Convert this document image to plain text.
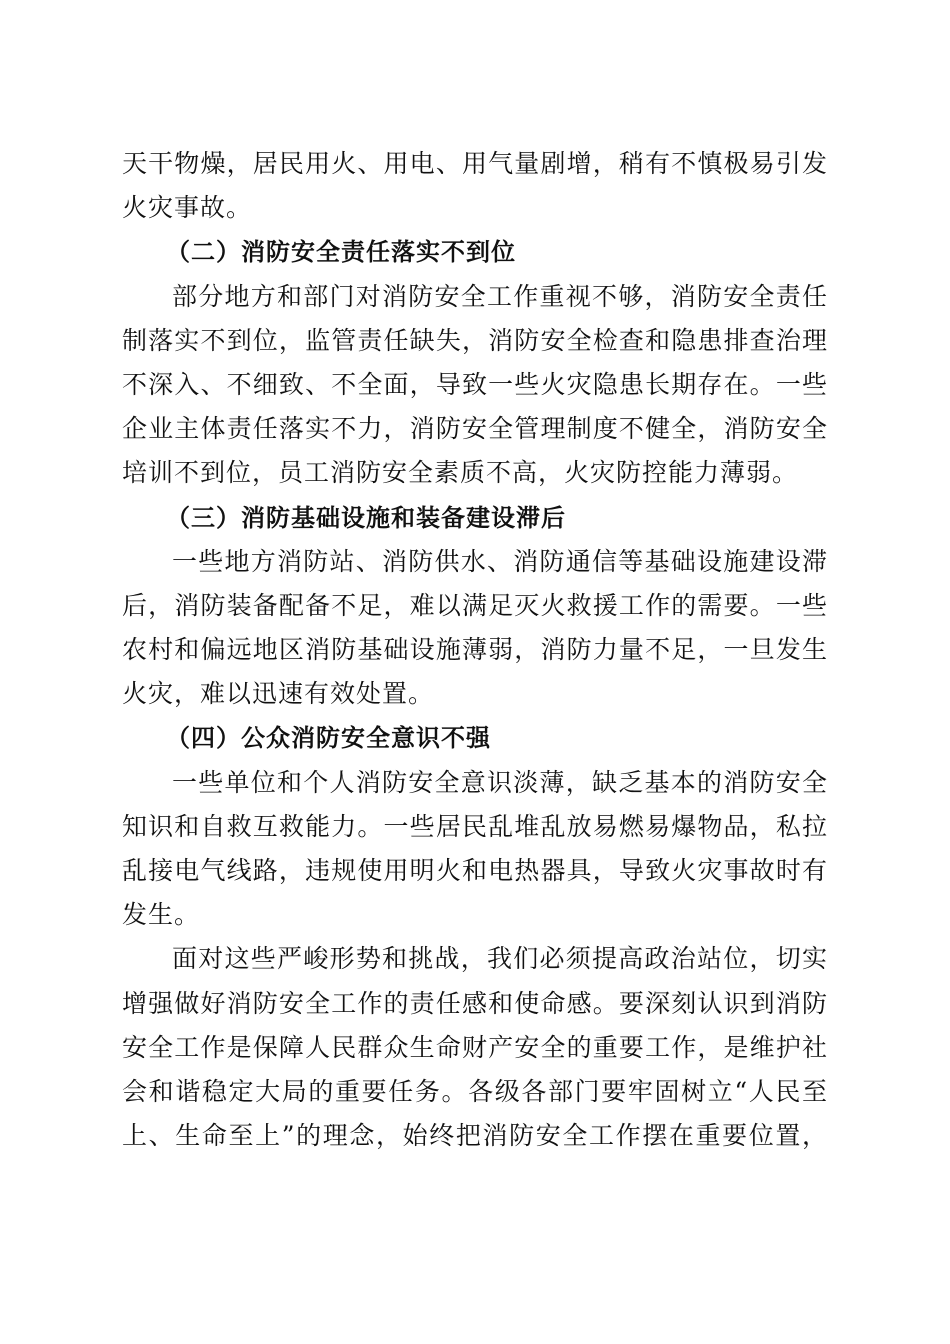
天干物燥，居民用火、用电、用气量剧增，稍有不慎极易引发
火灾事故。
（二）消防安全责任落实不到位
部分地方和部门对消防安全工作重视不够，消防安全责任
制落实不到位，监管责任缺失，消防安全检查和隐患排查治理
不深入、不细致、不全面，导致一些火灾隐患长期存在。一些
企业主体责任落实不力，消防安全管理制度不健全，消防安全
培训不到位，员工消防安全素质不高，火灾防控能力薄弱。
（三）消防基础设施和装备建设滞后
一些地方消防站、消防供水、消防通信等基础设施建设滞
后，消防装备配备不足，难以满足灭火救援工作的需要。一些
农村和偏远地区消防基础设施薄弱，消防力量不足，一旦发生
火灾，难以迅速有效处置。
（四）公众消防安全意识不强
一些单位和个人消防安全意识淡薄，缺乏基本的消防安全
知识和自救互救能力。一些居民乱堆乱放易燃易爆物品，私拉
乱接电气线路，违规使用明火和电热器具，导致火灾事故时有
发生。
面对这些严峻形势和挑战，我们必须提高政治站位，切实
增强做好消防安全工作的责任感和使命感。要深刻认识到消防
安全工作是保障人民群众生命财产安全的重要工作，是维护社
会和谐稳定大局的重要任务。各级各部门要牢固树立“人民至
上、生命至上”的理念，始终把消防安全工作摆在重要位置，
